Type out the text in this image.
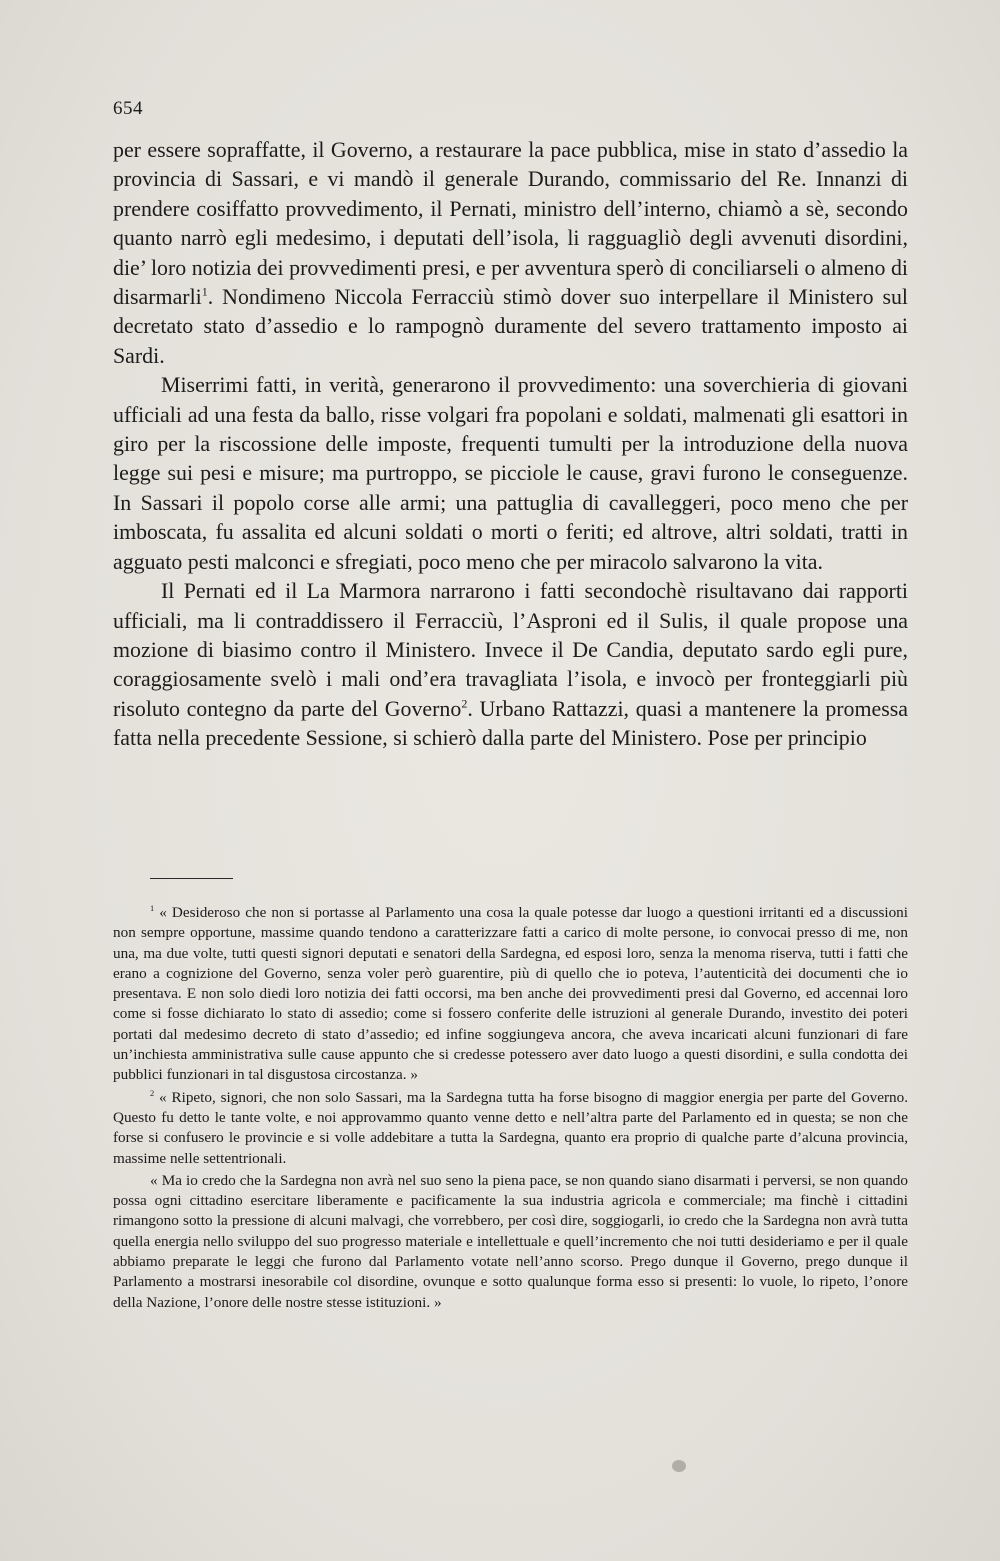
654

per essere sopraffatte, il Governo, a restaurare la pace pubblica, mise in stato d’assedio la provincia di Sassari, e vi mandò il generale Durando, commissario del Re. Innanzi di prendere cosiffatto provvedimento, il Pernati, ministro dell’interno, chiamò a sè, secondo quanto narrò egli medesimo, i deputati dell’isola, li ragguagliò degli avvenuti disordini, die’ loro notizia dei provvedimenti presi, e per avventura sperò di conciliarseli o almeno di disarmarli$^1$. Nondimeno Niccola Ferracciù stimò dover suo interpellare il Ministero sul decretato stato d’assedio e lo rampognò duramente del severo trattamento imposto ai Sardi.

Miserrimi fatti, in verità, generarono il provvedimento: una soverchieria di giovani ufficiali ad una festa da ballo, risse volgari fra popolani e soldati, malmenati gli esattori in giro per la riscossione delle imposte, frequenti tumulti per la introduzione della nuova legge sui pesi e misure; ma purtroppo, se picciole le cause, gravi furono le conseguenze. In Sassari il popolo corse alle armi; una pattuglia di cavalleggeri, poco meno che per imboscata, fu assalita ed alcuni soldati o morti o feriti; ed altrove, altri soldati, tratti in agguato pesti malconci e sfregiati, poco meno che per miracolo salvarono la vita.

Il Pernati ed il La Marmora narrarono i fatti secondochè risultavano dai rapporti ufficiali, ma li contraddissero il Ferracciù, l’Asproni ed il Sulis, il quale propose una mozione di biasimo contro il Ministero. Invece il De Candia, deputato sardo egli pure, coraggiosamente svelò i mali ond’era travagliata l’isola, e invocò per fronteggiarli più risoluto contegno da parte del Governo$^2$. Urbano Rattazzi, quasi a mantenere la promessa fatta nella precedente Sessione, si schierò dalla parte del Ministero. Pose per principio

$^1$ « Desideroso che non si portasse al Parlamento una cosa la quale potesse dar luogo a questioni irritanti ed a discussioni non sempre opportune, massime quando tendono a caratterizzare fatti a carico di molte persone, io convocai presso di me, non una, ma due volte, tutti questi signori deputati e senatori della Sardegna, ed esposi loro, senza la menoma riserva, tutti i fatti che erano a cognizione del Governo, senza voler però guarentire, più di quello che io poteva, l’autenticità dei documenti che io presentava. E non solo diedi loro notizia dei fatti occorsi, ma ben anche dei provvedimenti presi dal Governo, ed accennai loro come si fosse dichiarato lo stato di assedio; come si fossero conferite delle istruzioni al generale Durando, investito dei poteri portati dal medesimo decreto di stato d’assedio; ed infine soggiungeva ancora, che aveva incaricati alcuni funzionari di fare un’inchiesta amministrativa sulle cause appunto che si credesse potessero aver dato luogo a questi disordini, e sulla condotta dei pubblici funzionari in tal disgustosa circostanza. »

$^2$ « Ripeto, signori, che non solo Sassari, ma la Sardegna tutta ha forse bisogno di maggior energia per parte del Governo. Questo fu detto le tante volte, e noi approvammo quanto venne detto e nell’altra parte del Parlamento ed in questa; se non che forse si confusero le provincie e si volle addebitare a tutta la Sardegna, quanto era proprio di qualche parte d’alcuna provincia, massime nelle settentrionali.

« Ma io credo che la Sardegna non avrà nel suo seno la piena pace, se non quando siano disarmati i perversi, se non quando possa ogni cittadino esercitare liberamente e pacificamente la sua industria agricola e commerciale; ma finchè i cittadini rimangono sotto la pressione di alcuni malvagi, che vorrebbero, per così dire, soggiogarli, io credo che la Sardegna non avrà tutta quella energia nello sviluppo del suo progresso materiale e intellettuale e quell’incremento che noi tutti desideriamo e per il quale abbiamo preparate le leggi che furono dal Parlamento votate nell’anno scorso. Prego dunque il Governo, prego dunque il Parlamento a mostrarsi inesorabile col disordine, ovunque e sotto qualunque forma esso si presenti: lo vuole, lo ripeto, l’onore della Nazione, l’onore delle nostre stesse istituzioni. »
